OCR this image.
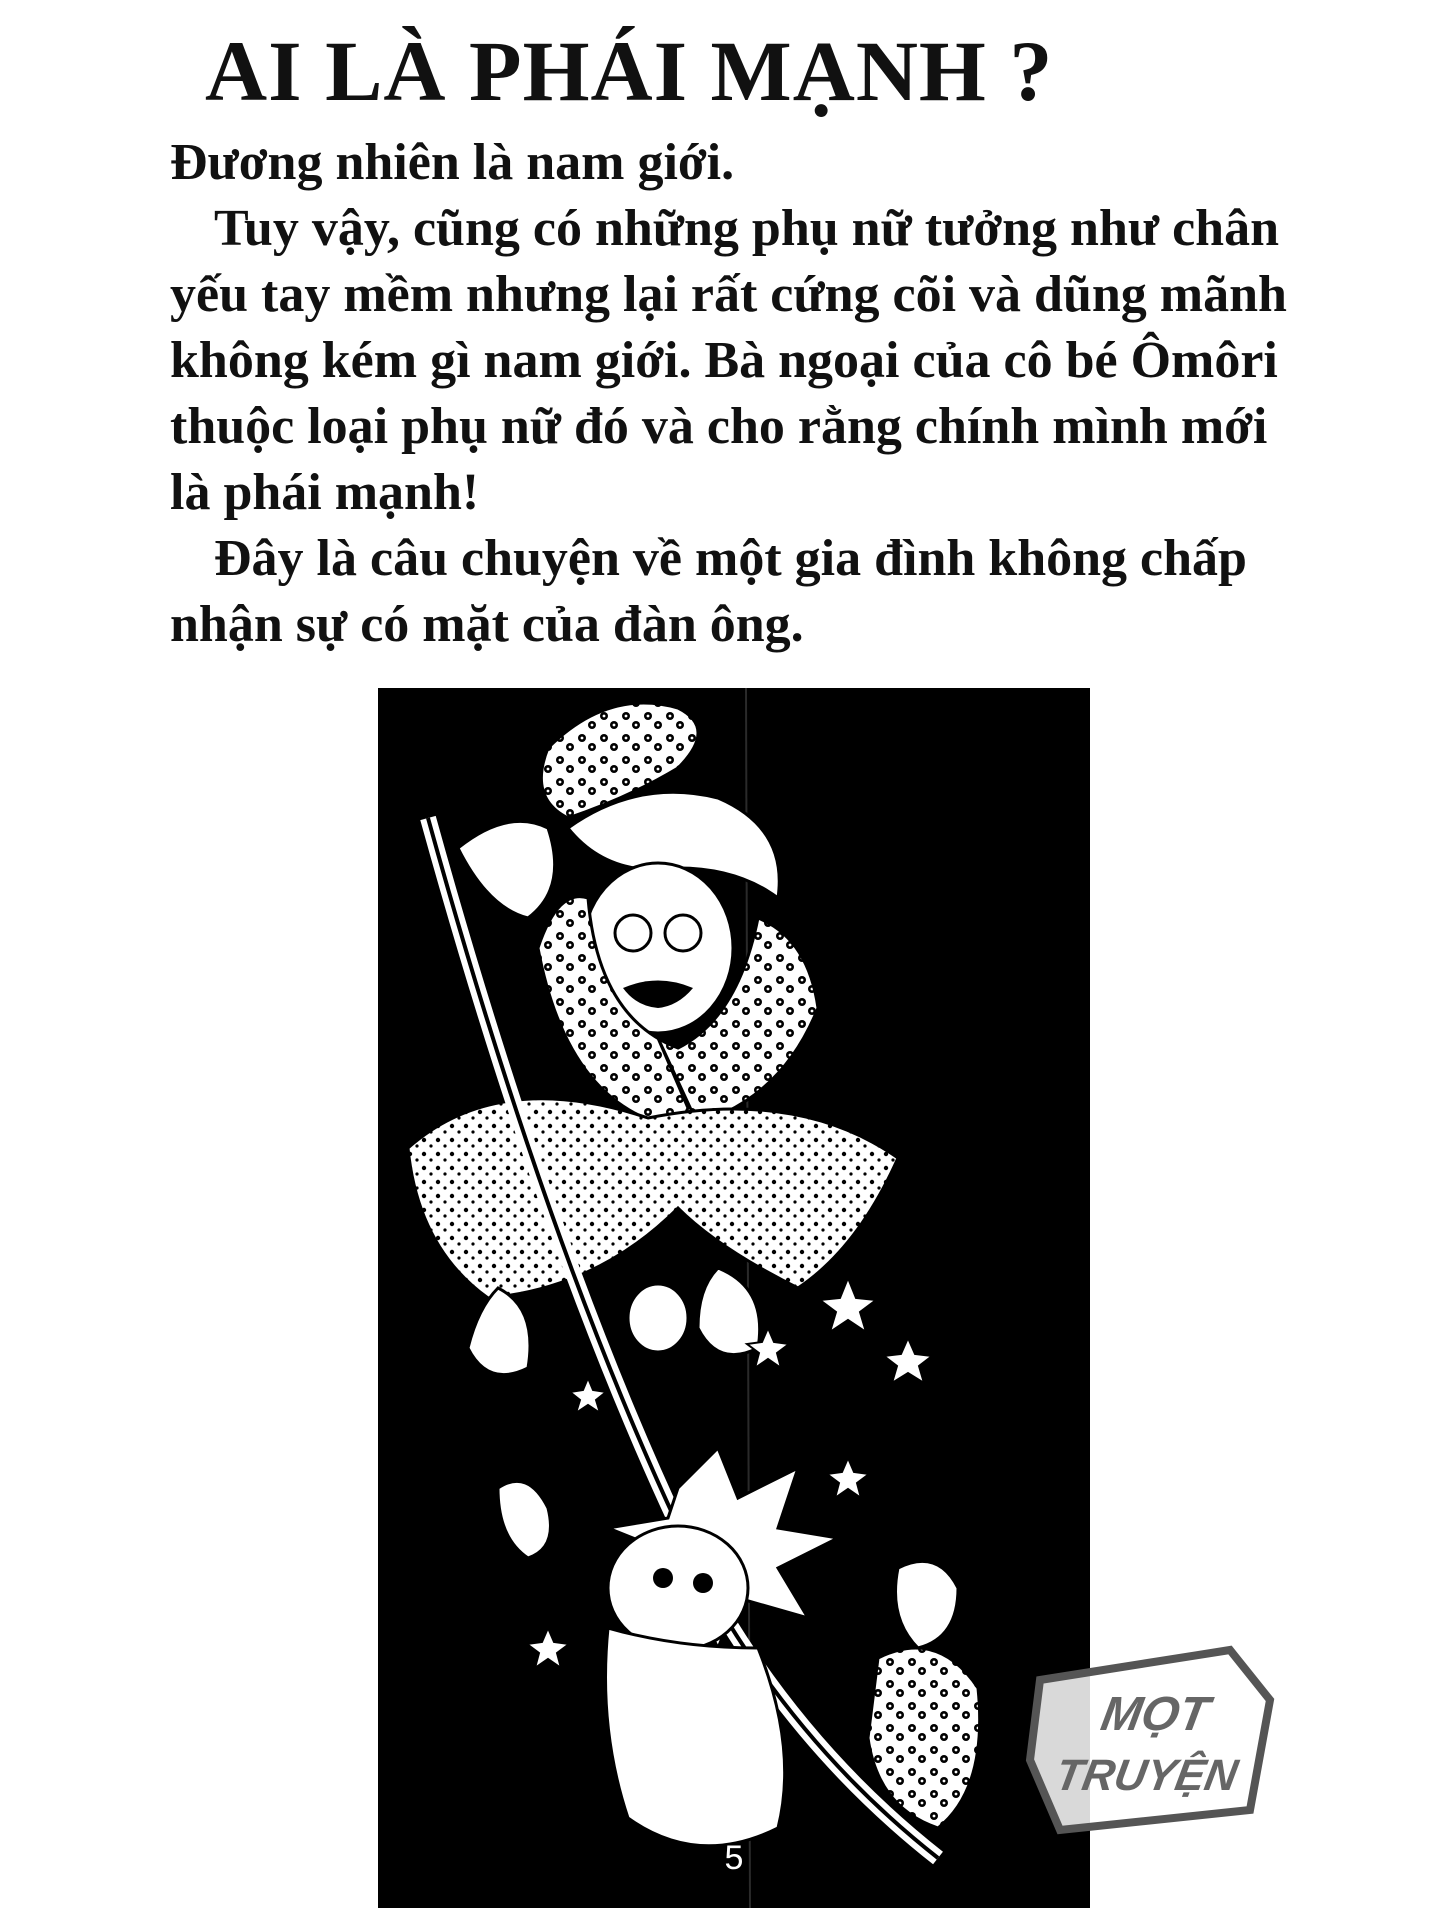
AI LÀ PHÁI MẠNH ?

Đương nhiên là nam giới.

Tuy vậy, cũng có những phụ nữ tưởng như chân yếu tay mềm nhưng lại rất cứng cõi và dũng mãnh không kém gì nam giới. Bà ngoại của cô bé Ômôri thuộc loại phụ nữ đó và cho rằng chính mình mới là phái mạnh!

Đây là câu chuyện về một gia đình không chấp nhận sự có mặt của đàn ông.

5
MỌT
TRUYỆN
